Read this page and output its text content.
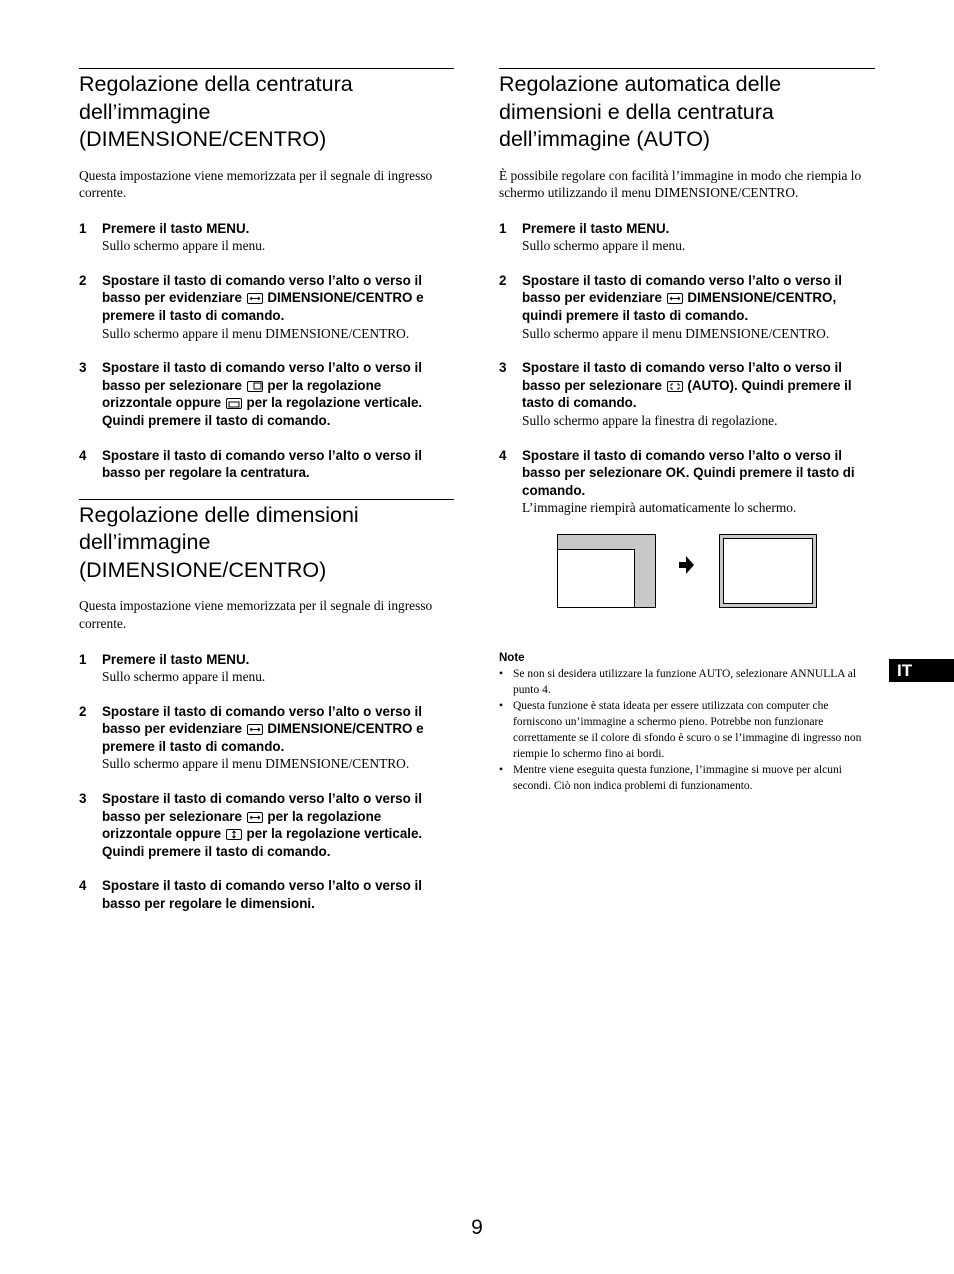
Regolazione della centratura dell’immagine (DIMENSIONE/CENTRO)

Questa impostazione viene memorizzata per il segnale di ingresso corrente.

1 Premere il tasto MENU.
Sullo schermo appare il menu.
2 Spostare il tasto di comando verso l’alto o verso il basso per evidenziare DIMENSIONE/CENTRO e premere il tasto di comando.
Sullo schermo appare il menu DIMENSIONE/CENTRO.
3 Spostare il tasto di comando verso l’alto o verso il basso per selezionare per la regolazione orizzontale oppure per la regolazione verticale. Quindi premere il tasto di comando.
4 Spostare il tasto di comando verso l’alto o verso il basso per regolare la centratura.
Regolazione delle dimensioni dell’immagine (DIMENSIONE/CENTRO)

Questa impostazione viene memorizzata per il segnale di ingresso corrente.

1 Premere il tasto MENU.
Sullo schermo appare il menu.
2 Spostare il tasto di comando verso l’alto o verso il basso per evidenziare DIMENSIONE/CENTRO e premere il tasto di comando.
Sullo schermo appare il menu DIMENSIONE/CENTRO.
3 Spostare il tasto di comando verso l’alto o verso il basso per selezionare per la regolazione orizzontale oppure per la regolazione verticale. Quindi premere il tasto di comando.
4 Spostare il tasto di comando verso l’alto o verso il basso per regolare le dimensioni.
Regolazione automatica delle dimensioni e della centratura dell’immagine (AUTO)

È possibile regolare con facilità l’immagine in modo che riempia lo schermo utilizzando il menu DIMENSIONE/CENTRO.

1 Premere il tasto MENU.
Sullo schermo appare il menu.
2 Spostare il tasto di comando verso l’alto o verso il basso per evidenziare DIMENSIONE/CENTRO, quindi premere il tasto di comando.
Sullo schermo appare il menu DIMENSIONE/CENTRO.
3 Spostare il tasto di comando verso l’alto o verso il basso per selezionare (AUTO). Quindi premere il tasto di comando.
Sullo schermo appare la finestra di regolazione.
4 Spostare il tasto di comando verso l’alto o verso il basso per selezionare OK. Quindi premere il tasto di comando.
L’immagine riempirà automaticamente lo schermo.
Note
• Se non si desidera utilizzare la funzione AUTO, selezionare ANNULLA al punto 4.
• Questa funzione è stata ideata per essere utilizzata con computer che forniscono un’immagine a schermo pieno. Potrebbe non funzionare correttamente se il colore di sfondo è scuro o se l’immagine di ingresso non riempie lo schermo fino ai bordi.
• Mentre viene eseguita questa funzione, l’immagine si muove per alcuni secondi. Ciò non indica problemi di funzionamento.
IT
9
